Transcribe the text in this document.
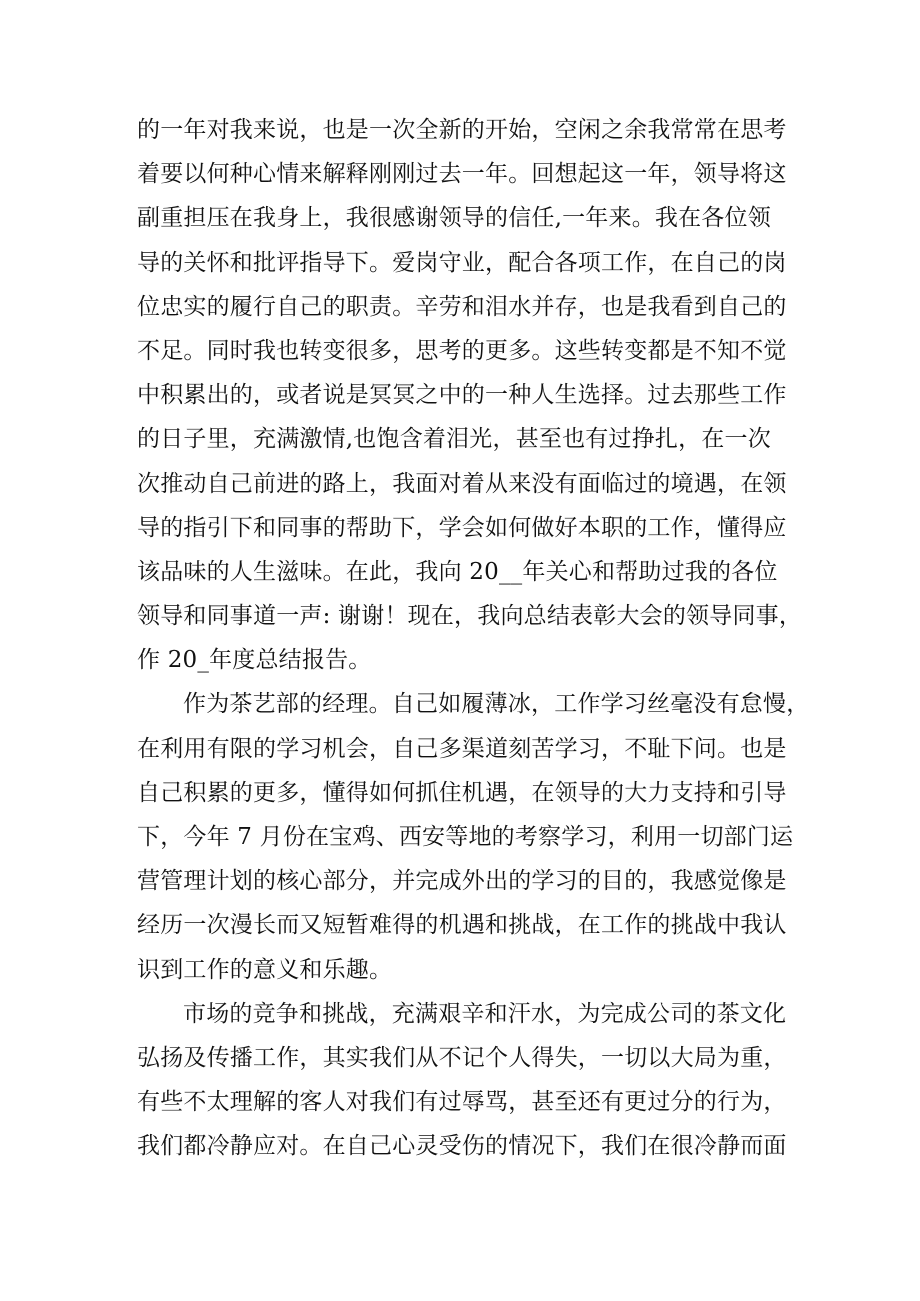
的一年对我来说，也是一次全新的开始，空闲之余我常常在思考
着要以何种心情来解释刚刚过去一年。回想起这一年，领导将这
副重担压在我身上，我很感谢领导的信任,一年来。我在各位领
导的关怀和批评指导下。爱岗守业，配合各项工作，在自己的岗
位忠实的履行自己的职责。辛劳和泪水并存，也是我看到自己的
不足。同时我也转变很多，思考的更多。这些转变都是不知不觉
中积累出的，或者说是冥冥之中的一种人生选择。过去那些工作
的日子里，充满激情,也饱含着泪光，甚至也有过挣扎，在一次
次推动自己前进的路上，我面对着从来没有面临过的境遇，在领
导的指引下和同事的帮助下，学会如何做好本职的工作，懂得应
该品味的人生滋味。在此，我向 20__年关心和帮助过我的各位
领导和同事道一声: 谢谢！现在，我向总结表彰大会的领导同事，
作 20_年度总结报告。
作为茶艺部的经理。自己如履薄冰，工作学习丝毫没有怠慢，
在利用有限的学习机会，自己多渠道刻苦学习，不耻下问。也是
自己积累的更多，懂得如何抓住机遇，在领导的大力支持和引导
下，今年 7 月份在宝鸡、西安等地的考察学习，利用一切部门运
营管理计划的核心部分，并完成外出的学习的目的，我感觉像是
经历一次漫长而又短暂难得的机遇和挑战，在工作的挑战中我认
识到工作的意义和乐趣。
市场的竞争和挑战，充满艰辛和汗水，为完成公司的茶文化
弘扬及传播工作，其实我们从不记个人得失，一切以大局为重，
有些不太理解的客人对我们有过辱骂，甚至还有更过分的行为，
我们都冷静应对。在自己心灵受伤的情况下，我们在很冷静而面
